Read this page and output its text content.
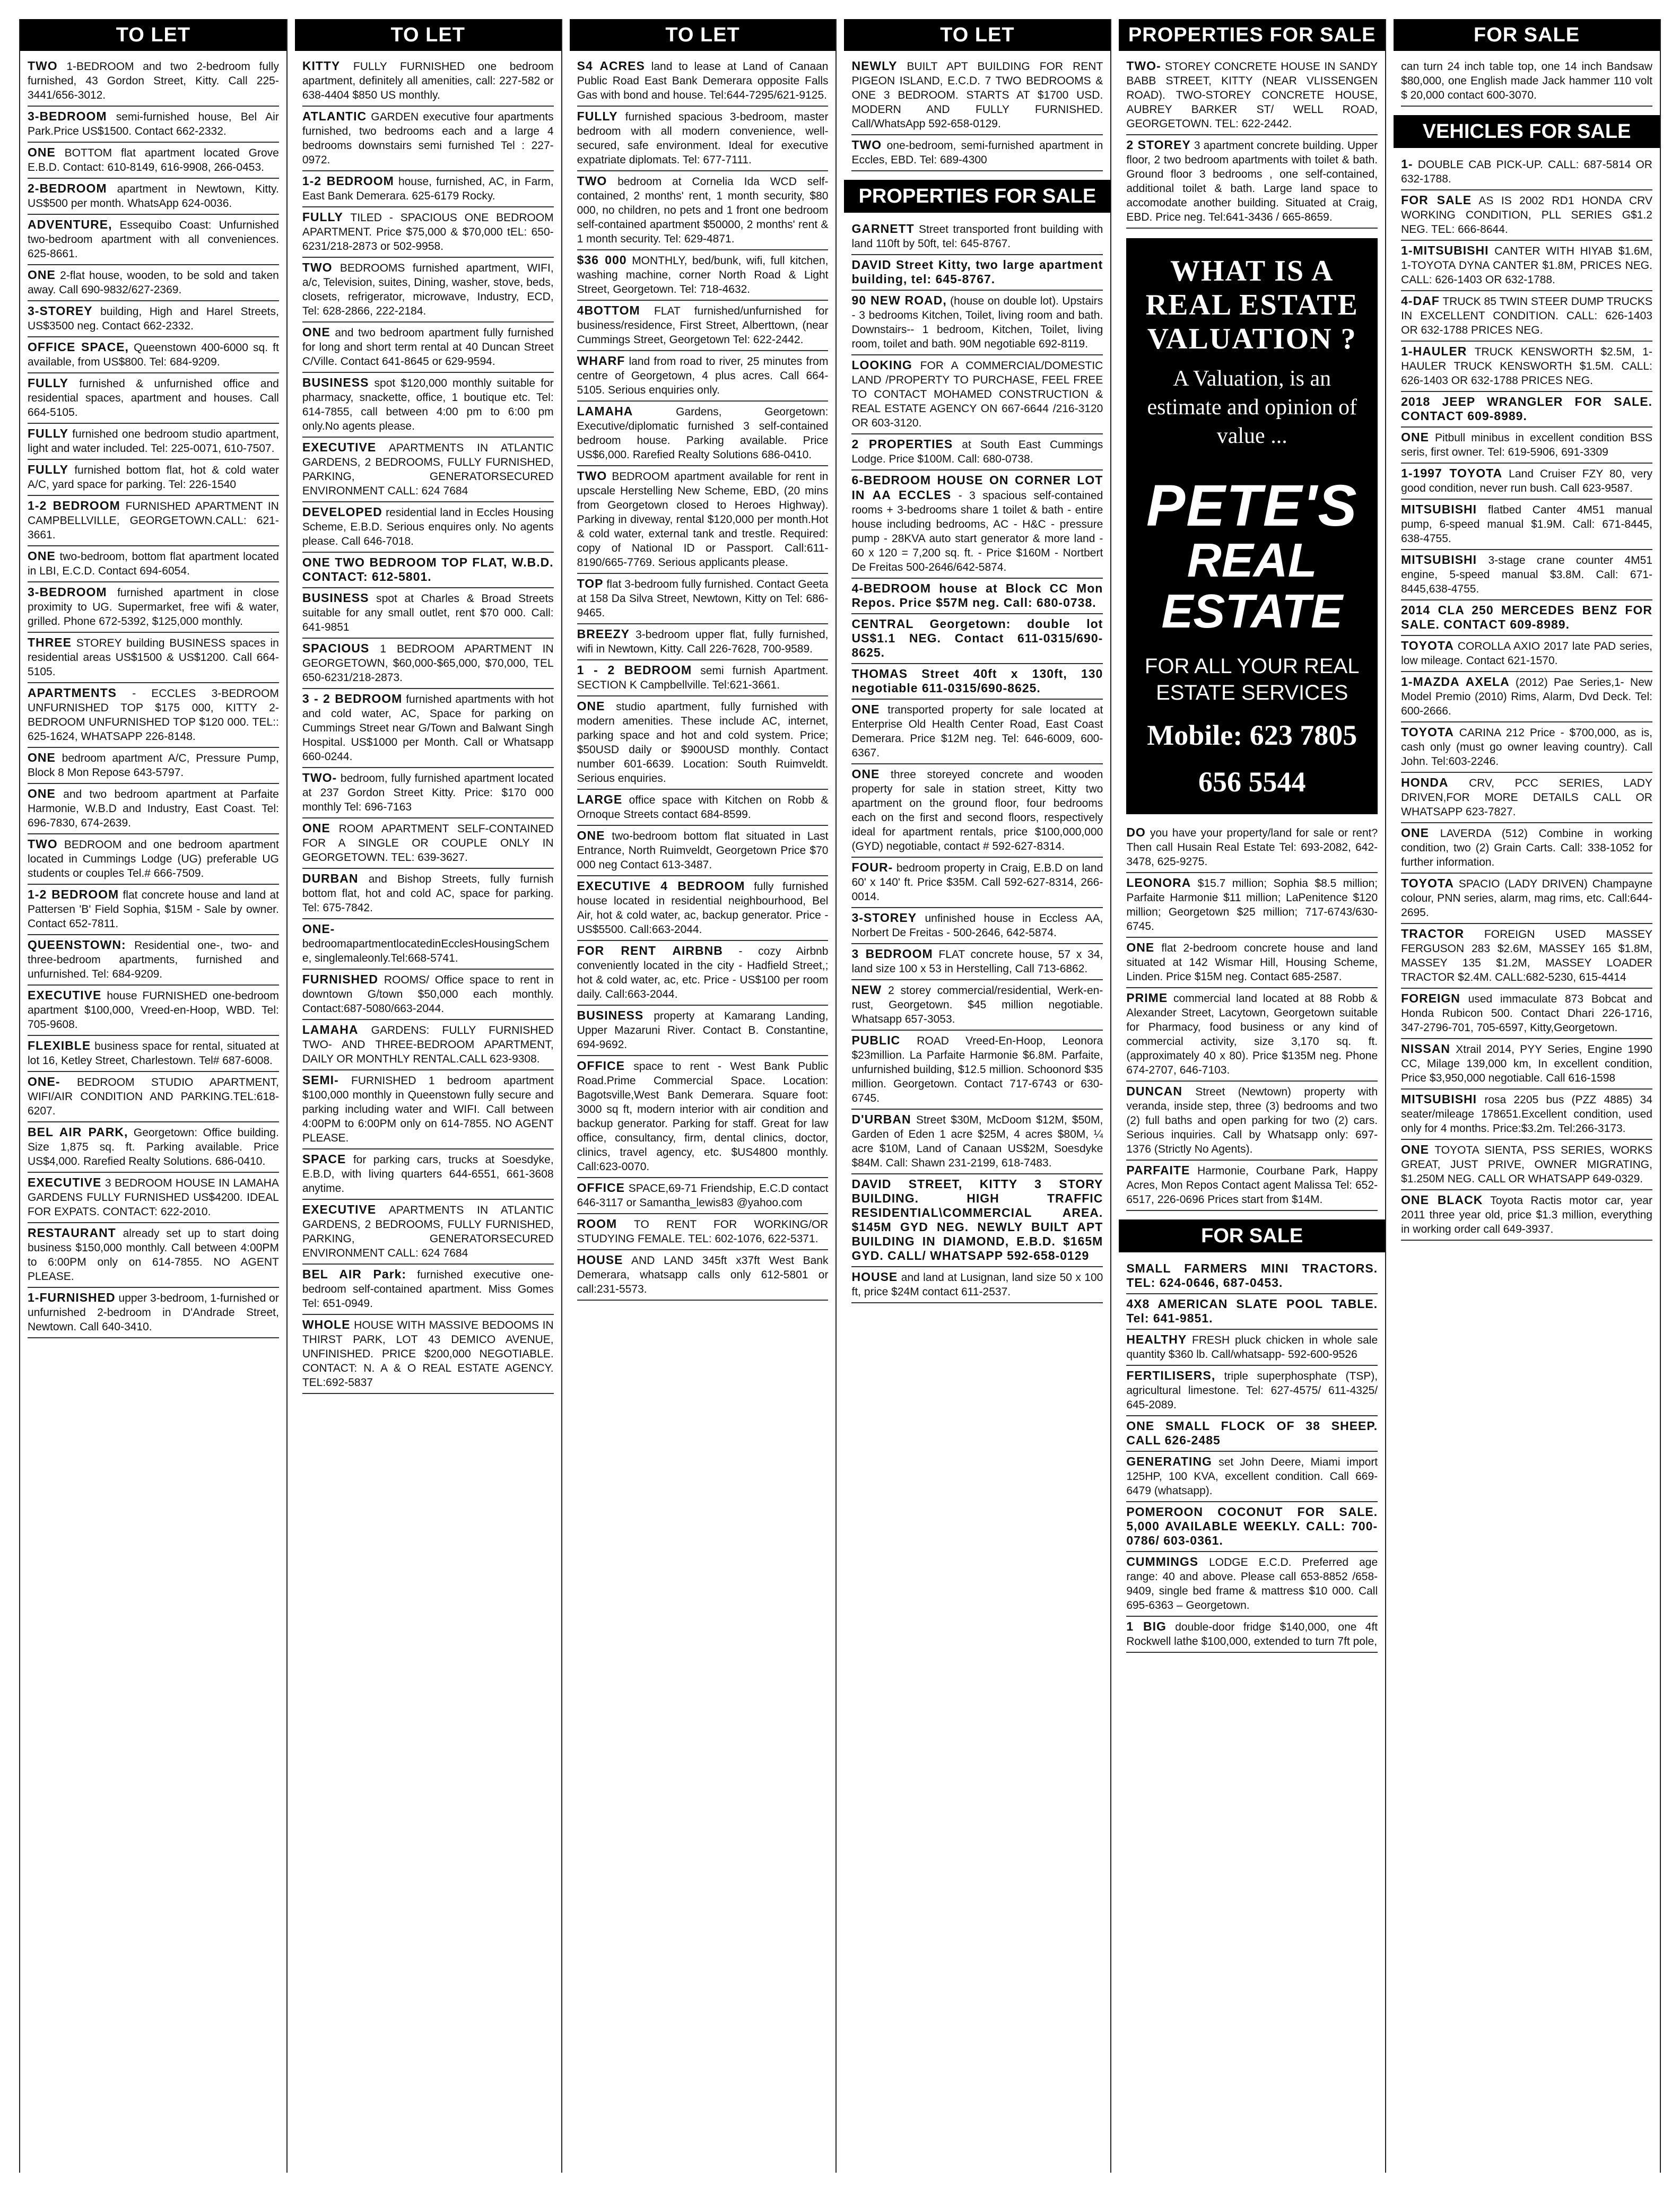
TO LET
TWO 1-BEDROOM and two 2-bedroom fully furnished, 43 Gordon Street, Kitty. Call 225- 3441/656-3012.
3-BEDROOM semi-furnished house, Bel Air Park.Price US$1500. Contact 662-2332.
ONE BOTTOM flat apartment located Grove E.B.D. Contact: 610-8149, 616-9908, 266-0453.
2-BEDROOM apartment in Newtown, Kitty. US$500 per month. WhatsApp 624-0036.
ADVENTURE, Essequibo Coast: Unfurnished two-bedroom apartment with all conveniences. 625-8661.
ONE 2-flat house, wooden, to be sold and taken away. Call 690-9832/627-2369.
3-STOREY building, High and Harel Streets, US$3500 neg. Contact 662-2332.
OFFICE SPACE, Queenstown 400-6000 sq. ft available, from US$800. Tel: 684-9209.
FULLY furnished & unfurnished office and residential spaces, apartment and houses. Call 664-5105.
FULLY furnished one bedroom studio apartment, light and water included. Tel: 225-0071, 610-7507.
FULLY furnished bottom flat, hot & cold water A/C, yard space for parking. Tel: 226-1540
1-2 BEDROOM FURNISHED APARTMENT IN CAMPBELLVILLE, GEORGETOWN.CALL: 621-3661.
ONE two-bedroom, bottom flat apartment located in LBI, E.C.D. Contact 694-6054.
3-BEDROOM furnished apartment in close proximity to UG. Supermarket, free wifi & water, grilled. Phone 672-5392, $125,000 monthly.
THREE STOREY building BUSINESS spaces in residential areas US$1500 & US$1200. Call 664-5105.
APARTMENTS - ECCLES 3-BEDROOM UNFURNISHED TOP $175 000, KITTY 2-BEDROOM UNFURNISHED TOP $120 000. TEL:: 625-1624, WHATSAPP 226-8148.
ONE bedroom apartment A/C, Pressure Pump, Block 8 Mon Repose 643-5797.
ONE and two bedroom apartment at Parfaite Harmonie, W.B.D and Industry, East Coast. Tel: 696-7830, 674-2639.
TWO BEDROOM and one bedroom apartment located in Cummings Lodge (UG) preferable UG students or couples Tel.# 666-7509.
1-2 BEDROOM flat concrete house and land at Pattersen 'B' Field Sophia, $15M - Sale by owner. Contact 652-7811.
QUEENSTOWN: Residential one-, two- and three-bedroom apartments, furnished and unfurnished. Tel: 684-9209.
EXECUTIVE house FURNISHED one-bedroom apartment $100,000, Vreed-en-Hoop, WBD. Tel: 705-9608.
FLEXIBLE business space for rental, situated at lot 16, Ketley Street, Charlestown. Tel# 687-6008.
ONE- BEDROOM STUDIO APARTMENT, WIFI/AIR CONDITION AND PARKING.TEL:618-6207.
BEL AIR PARK, Georgetown: Office building. Size 1,875 sq. ft. Parking available. Price US$4,000. Rarefied Realty Solutions. 686-0410.
EXECUTIVE 3 BEDROOM HOUSE IN LAMAHA GARDENS FULLY FURNISHED US$4200. IDEAL FOR EXPATS. CONTACT: 622-2010.
RESTAURANT already set up to start doing business $150,000 monthly. Call between 4:00PM to 6:00PM only on 614-7855. NO AGENT PLEASE.
1-FURNISHED upper 3-bedroom, 1-furnished or unfurnished 2-bedroom in D'Andrade Street, Newtown. Call 640-3410.
TO LET
KITTY FULLY FURNISHED one bedroom apartment, definitely all amenities, call: 227-582 or 638-4404 $850 US monthly.
ATLANTIC GARDEN executive four apartments furnished, two bedrooms each and a large 4 bedrooms downstairs semi furnished Tel : 227-0972.
1-2 BEDROOM house, furnished, AC, in Farm, East Bank Demerara. 625-6179 Rocky.
FULLY TILED - SPACIOUS ONE BEDROOM APARTMENT. Price $75,000 & $70,000 tEL: 650-6231/218-2873 or 502-9958.
TWO BEDROOMS furnished apartment, WIFI, a/c, Television, suites, Dining, washer, stove, beds, closets, refrigerator, microwave, Industry, ECD, Tel: 628-2866, 222-2184.
ONE and two bedroom apartment fully furnished for long and short term rental at 40 Duncan Street C/Ville. Contact 641-8645 or 629-9594.
BUSINESS spot $120,000 monthly suitable for pharmacy, snackette, office, 1 boutique etc. Tel: 614-7855, call between 4:00 pm to 6:00 pm only.No agents please.
EXECUTIVE APARTMENTS IN ATLANTIC GARDENS, 2 BEDROOMS, FULLY FURNISHED, PARKING, GENERATORSECURED ENVIRONMENT CALL: 624 7684
DEVELOPED residential land in Eccles Housing Scheme, E.B.D. Serious enquires only. No agents please. Call 646-7018.
ONE TWO BEDROOM TOP FLAT, W.B.D. CONTACT: 612-5801.
BUSINESS spot at Charles & Broad Streets suitable for any small outlet, rent $70 000. Call: 641-9851
SPACIOUS 1 BEDROOM APARTMENT IN GEORGETOWN, $60,000-$65,000, $70,000, TEL 650-6231/218-2873.
3 - 2 BEDROOM furnished apartments with hot and cold water, AC, Space for parking on Cummings Street near G/Town and Balwant Singh Hospital. US$1000 per Month. Call or Whatsapp 660-0244.
TWO- bedroom, fully furnished apartment located at 237 Gordon Street Kitty. Price: $170 000 monthly Tel: 696-7163
ONE ROOM APARTMENT SELF-CONTAINED FOR A SINGLE OR COUPLE ONLY IN GEORGETOWN. TEL: 639-3627.
DURBAN and Bishop Streets, fully furnish bottom flat, hot and cold AC, space for parking. Tel: 675-7842.
ONE- bedroomapartmentlocatedinEcclesHousingScheme, singlemaleonly.Tel:668-5741.
FURNISHED ROOMS/ Office space to rent in downtown G/town $50,000 each monthly. Contact:687-5080/663-2044.
LAMAHA GARDENS: FULLY FURNISHED TWO- AND THREE-BEDROOM APARTMENT, DAILY OR MONTHLY RENTAL.CALL 623-9308.
SEMI- FURNISHED 1 bedroom apartment $100,000 monthly in Queenstown fully secure and parking including water and WIFI. Call between 4:00PM to 6:00PM only on 614-7855. NO AGENT PLEASE.
SPACE for parking cars, trucks at Soesdyke, E.B.D, with living quarters 644-6551, 661-3608 anytime.
EXECUTIVE APARTMENTS IN ATLANTIC GARDENS, 2 BEDROOMS, FULLY FURNISHED, PARKING, GENERATORSECURED ENVIRONMENT CALL: 624 7684
BEL AIR Park: furnished executive one-bedroom self-contained apartment. Miss Gomes Tel: 651-0949.
WHOLE HOUSE WITH MASSIVE BEDOOMS IN THIRST PARK, LOT 43 DEMICO AVENUE, UNFINISHED. PRICE $200,000 NEGOTIABLE. CONTACT: N. A & O REAL ESTATE AGENCY. TEL:692-5837
TO LET
S4 ACRES land to lease at Land of Canaan Public Road East Bank Demerara opposite Falls Gas with bond and house. Tel:644-7295/621-9125.
FULLY furnished spacious 3-bedroom, master bedroom with all modern convenience, well-secured, safe environment. Ideal for executive expatriate diplomats. Tel: 677-7111.
TWO bedroom at Cornelia Ida WCD self-contained, 2 months' rent, 1 month security, $80 000, no children, no pets and 1 front one bedroom self-contained apartment $50000, 2 months' rent & 1 month security. Tel: 629-4871.
$36 000 MONTHLY, bed/bunk, wifi, full kitchen, washing machine, corner North Road & Light Street, Georgetown. Tel: 718-4632.
4BOTTOM FLAT furnished/unfurnished for business/residence, First Street, Alberttown, (near Cummings Street, Georgetown Tel: 622-2442.
WHARF land from road to river, 25 minutes from centre of Georgetown, 4 plus acres. Call 664-5105. Serious enquiries only.
LAMAHA	Gardens, Georgetown: Executive/diplomatic furnished 3 self-contained bedroom house. Parking available. Price US$6,000. Rarefied Realty Solutions 686-0410.
TWO BEDROOM apartment available for rent in upscale Herstelling New Scheme, EBD, (20 mins from Georgetown closed to Heroes Highway). Parking in diveway, rental $120,000 per month.Hot & cold water, external tank and trestle. Required: copy of National ID or Passport. Call:611-8190/665-7769. Serious applicants please.
TOP flat 3-bedroom fully furnished. Contact Geeta at 158 Da Silva Street, Newtown, Kitty on Tel: 686-9465.
BREEZY 3-bedroom upper flat, fully furnished, wifi in Newtown, Kitty. Call 226-7628, 700-9589.
1 - 2 BEDROOM semi furnish Apartment. SECTION K Campbellville. Tel:621-3661.
ONE studio apartment, fully furnished with modern amenities. These include AC, internet, parking space and hot and cold system. Price; $50USD daily or $900USD monthly. Contact number 601-6639. Location: South Ruimveldt. Serious enquiries.
LARGE office space with Kitchen on Robb & Ornoque Streets contact 684-8599.
ONE two-bedroom bottom flat situated in Last Entrance, North Ruimveldt, Georgetown Price $70 000 neg Contact 613-3487.
EXECUTIVE 4 BEDROOM fully furnished house located in residential neighbourhood, Bel Air, hot & cold water, ac, backup generator. Price - US$5500. Call:663-2044.
FOR RENT AIRBNB - cozy Airbnb conveniently located in the city - Hadfield Street,; hot & cold water, ac, etc. Price - US$100 per room daily. Call:663-2044.
BUSINESS property at Kamarang Landing, Upper Mazaruni River. Contact B. Constantine, 694-9692.
OFFICE space to rent - West Bank Public Road.Prime Commercial Space. Location: Bagotsville,West Bank Demerara. Square foot: 3000 sq ft, modern interior with air condition and backup generator. Parking for staff. Great for law office, consultancy, firm, dental clinics, doctor, clinics, travel agency, etc. $US4800 monthly. Call:623-0070.
OFFICE SPACE,69-71 Friendship, E.C.D contact 646-3117 or Samantha_lewis83 @yahoo.com
ROOM TO RENT FOR WORKING/OR STUDYING FEMALE. TEL: 602-1076, 622-5371.
HOUSE AND LAND 345ft x37ft West Bank Demerara, whatsapp calls only 612-5801 or call:231-5573.
TO LET
NEWLY BUILT APT BUILDING FOR RENT PIGEON ISLAND, E.C.D. 7 TWO BEDROOMS & ONE 3 BEDROOM. STARTS AT $1700 USD. MODERN AND FULLY FURNISHED. Call/WhatsApp 592-658-0129.
TWO one-bedroom, semi-furnished apartment in Eccles, EBD. Tel: 689-4300
PROPERTIES FOR SALE
GARNETT Street transported front building with land 110ft by 50ft, tel: 645-8767.
DAVID Street Kitty, two large apartment building, tel: 645-8767.
90 NEW ROAD, (house on double lot). Upstairs - 3 bedrooms Kitchen, Toilet, living room and bath. Downstairs-- 1 bedroom, Kitchen, Toilet, living room, toilet and bath. 90M negotiable 692-8119.
LOOKING FOR A COMMERCIAL/DOMESTIC LAND /PROPERTY TO PURCHASE, FEEL FREE TO CONTACT MOHAMED CONSTRUCTION & REAL ESTATE AGENCY ON 667-6644 /216-3120 OR 603-3120.
2 PROPERTIES at South East Cummings Lodge. Price $100M. Call: 680-0738.
6-BEDROOM HOUSE ON CORNER LOT IN AA ECCLES - 3 spacious self-contained rooms + 3-bedrooms share 1 toilet & bath - entire house including bedrooms, AC - H&C - pressure pump - 28KVA auto start generator & more land - 60 x 120 = 7,200 sq. ft. - Price $160M - Nortbert De Freitas 500-2646/642-5874.
4-BEDROOM house at Block CC Mon Repos. Price $57M neg. Call: 680-0738.
CENTRAL Georgetown: double lot US$1.1 NEG. Contact 611-0315/690-8625.
THOMAS Street 40ft x 130ft, 130 negotiable 611-0315/690-8625.
ONE transported property for sale located at Enterprise Old Health Center Road, East Coast Demerara. Price $12M neg. Tel: 646-6009, 600-6367.
ONE three storeyed concrete and wooden property for sale in station street, Kitty two apartment on the ground floor, four bedrooms each on the first and second floors, respectively ideal for apartment rentals, price $100,000,000 (GYD) negotiable, contact # 592-627-8314.
FOUR- bedroom property in Craig, E.B.D on land 60' x 140' ft. Price $35M. Call 592-627-8314, 266-0014.
3-STOREY unfinished house in Eccless AA, Norbert De Freitas - 500-2646, 642-5874.
3 BEDROOM FLAT concrete house, 57 x 34, land size 100 x 53 in Herstelling, Call 713-6862.
NEW 2 storey commercial/residential, Werk-en-rust, Georgetown. $45 million negotiable. Whatsapp 657-3053.
PUBLIC ROAD Vreed-En-Hoop, Leonora $23million. La Parfaite Harmonie $6.8M. Parfaite, unfurnished building, $12.5 million. Schoonord $35 million. Georgetown. Contact 717-6743 or 630-6745.
D'URBAN Street $30M, McDoom $12M, $50M, Garden of Eden 1 acre $25M, 4 acres $80M, ¼ acre $10M, Land of Canaan US$2M, Soesdyke $84M. Call: Shawn 231-2199, 618-7483.
DAVID STREET, KITTY 3 STORY BUILDING. HIGH TRAFFIC RESIDENTIAL\COMMERCIAL AREA. $145M GYD NEG. NEWLY BUILT APT BUILDING IN DIAMOND, E.B.D. $165M GYD. CALL/ WHATSAPP 592-658-0129
HOUSE and land at Lusignan, land size 50 x 100 ft, price $24M contact 611-2537.
PROPERTIES FOR SALE
TWO- STOREY CONCRETE HOUSE IN SANDY BABB STREET, KITTY (NEAR VLISSENGEN ROAD). TWO-STOREY CONCRETE HOUSE, AUBREY BARKER ST/ WELL ROAD, GEORGETOWN. TEL: 622-2442.
2 STOREY 3 apartment concrete building. Upper floor, 2 two bedroom apartments with toilet & bath. Ground floor 3 bedrooms , one self-contained, additional toilet & bath. Large land space to accomodate another building. Situated at Craig, EBD. Price neg. Tel:641-3436 / 665-8659.
WHAT IS A REAL ESTATE VALUATION ?
A Valuation, is an estimate and opinion of value ...
PETE'S
REAL ESTATE
FOR ALL YOUR REAL ESTATE SERVICES
Mobile: 623 7805
656 5544
DO you have your property/land for sale or rent? Then call Husain Real Estate Tel: 693-2082, 642-3478, 625-9275.
LEONORA $15.7 million; Sophia $8.5 million; Parfaite Harmonie $11 million; LaPenitence $120 million; Georgetown $25 million; 717-6743/630-6745.
ONE flat 2-bedroom concrete house and land situated at 142 Wismar Hill, Housing Scheme, Linden. Price $15M neg. Contact 685-2587.
PRIME commercial land located at 88 Robb & Alexander Street, Lacytown, Georgetown suitable for Pharmacy, food business or any kind of commercial activity, size 3,170 sq. ft. (approximately 40 x 80). Price $135M neg. Phone 674-2707, 646-7103.
DUNCAN Street (Newtown) property with veranda, inside step, three (3) bedrooms and two (2) full baths and open parking for two (2) cars. Serious inquiries. Call by Whatsapp only: 697-1376 (Strictly No Agents).
PARFAITE Harmonie, Courbane Park, Happy Acres, Mon Repos Contact agent Malissa Tel: 652-6517, 226-0696 Prices start from $14M.
FOR SALE
SMALL FARMERS MINI TRACTORS. TEL: 624-0646, 687-0453.
4X8 AMERICAN SLATE POOL TABLE. Tel: 641-9851.
HEALTHY FRESH pluck chicken in whole sale quantity $360 lb. Call/whatsapp- 592-600-9526
FERTILISERS, triple superphosphate (TSP), agricultural limestone. Tel: 627-4575/ 611-4325/ 645-2089.
ONE SMALL FLOCK OF 38 SHEEP. CALL 626-2485
GENERATING set John Deere, Miami import 125HP, 100 KVA, excellent condition. Call 669-6479 (whatsapp).
POMEROON COCONUT FOR SALE. 5,000 AVAILABLE WEEKLY. CALL: 700-0786/ 603-0361.
CUMMINGS LODGE E.C.D. Preferred age range: 40 and above. Please call 653-8852 /658-9409, single bed frame & mattress $10 000. Call 695-6363 – Georgetown.
1 BIG double-door fridge $140,000, one 4ft Rockwell lathe $100,000, extended to turn 7ft pole,
FOR SALE
can turn 24 inch table top, one 14 inch Bandsaw $80,000, one English made Jack hammer 110 volt $ 20,000 contact 600-3070.
VEHICLES FOR SALE
1- DOUBLE CAB PICK-UP. CALL: 687-5814 OR 632-1788.
FOR SALE AS IS 2002 RD1 HONDA CRV WORKING CONDITION, PLL SERIES G$1.2 NEG. TEL: 666-8644.
1-MITSUBISHI CANTER WITH HIYAB $1.6M, 1-TOYOTA DYNA CANTER $1.8M, PRICES NEG. CALL: 626-1403 OR 632-1788.
4-DAF TRUCK 85 TWIN STEER DUMP TRUCKS IN EXCELLENT CONDITION. CALL: 626-1403 OR 632-1788 PRICES NEG.
1-HAULER TRUCK KENSWORTH $2.5M, 1-HAULER TRUCK KENSWORTH $1.5M. CALL: 626-1403 OR 632-1788 PRICES NEG.
2018 JEEP WRANGLER FOR SALE. CONTACT 609-8989.
ONE Pitbull minibus in excellent condition BSS seris, first owner. Tel: 619-5906, 691-3309
1-1997 TOYOTA Land Cruiser FZY 80, very good condition, never run bush. Call 623-9587.
MITSUBISHI flatbed Canter 4M51 manual pump, 6-speed manual $1.9M. Call: 671-8445, 638-4755.
MITSUBISHI 3-stage crane counter 4M51 engine, 5-speed manual $3.8M. Call: 671-8445,638-4755.
2014 CLA 250 MERCEDES BENZ FOR SALE. CONTACT 609-8989.
TOYOTA COROLLA AXIO 2017 late PAD series, low mileage. Contact 621-1570.
1-MAZDA AXELA (2012) Pae Series,1- New Model Premio (2010) Rims, Alarm, Dvd Deck. Tel: 600-2666.
TOYOTA CARINA 212 Price - $700,000, as is, cash only (must go owner leaving country). Call John. Tel:603-2246.
HONDA CRV, PCC SERIES, LADY DRIVEN,FOR MORE DETAILS CALL OR WHATSAPP 623-7827.
ONE LAVERDA (512) Combine in working condition, two (2) Grain Carts. Call: 338-1052 for further information.
TOYOTA SPACIO (LADY DRIVEN) Champayne colour, PNN series, alarm, mag rims, etc. Call:644-2695.
TRACTOR FOREIGN USED MASSEY FERGUSON 283 $2.6M, MASSEY 165 $1.8M, MASSEY 135 $1.2M, MASSEY LOADER TRACTOR $2.4M. CALL:682-5230, 615-4414
FOREIGN used immaculate 873 Bobcat and Honda Rubicon 500. Contact Dhari 226-1716, 347-2796-701, 705-6597, Kitty,Georgetown.
NISSAN Xtrail 2014, PYY Series, Engine 1990 CC, Milage 139,000 km, In excellent condition, Price $3,950,000 negotiable. Call 616-1598
MITSUBISHI rosa 2205 bus (PZZ 4885) 34 seater/mileage 178651.Excellent condition, used only for 4 months. Price:$3.2m. Tel:266-3173.
ONE TOYOTA SIENTA, PSS SERIES, WORKS GREAT, JUST PRIVE, OWNER MIGRATING, $1.250M NEG. CALL OR WHATSAPP 649-0329.
ONE BLACK Toyota Ractis motor car, year 2011 three year old, price $1.3 million, everything in working order call 649-3937.
